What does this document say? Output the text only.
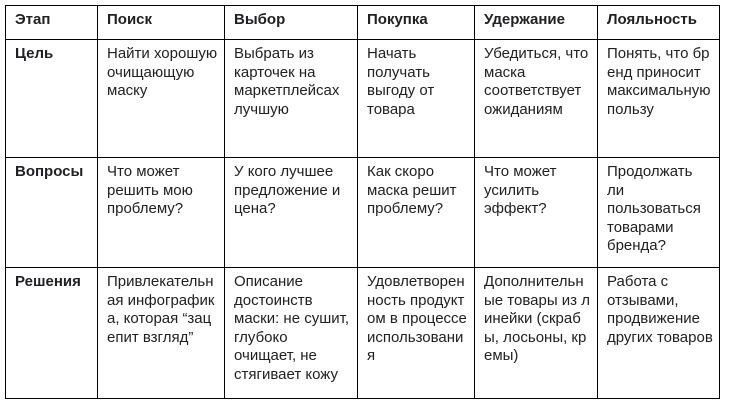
Этап	Поиск	Выбор	Покупка	Удержание	Лояльность
Цель	Найти хорошую очищающую маску	Выбрать из карточек на маркетплейсах лучшую	Начать получать выгоду от товара	Убедиться, что маска соответствует ожиданиям	Понять, что бренд приносит максимальную пользу
Вопросы	Что может решить мою проблему?	У кого лучшее предложение и цена?	Как скоро маска решит проблему?	Что может усилить эффект?	Продолжать ли пользоваться товарами бренда?
Решения	Привлекательная инфографика, которая “зацепит взгляд”	Описание достоинств маски: не сушит, глубоко очищает, не стягивает кожу	Удовлетворенность продуктом в процессе использования	Дополнительные товары из линейки (скрабы, лосьоны, кремы)	Работа с отзывами, продвижение других товаров
